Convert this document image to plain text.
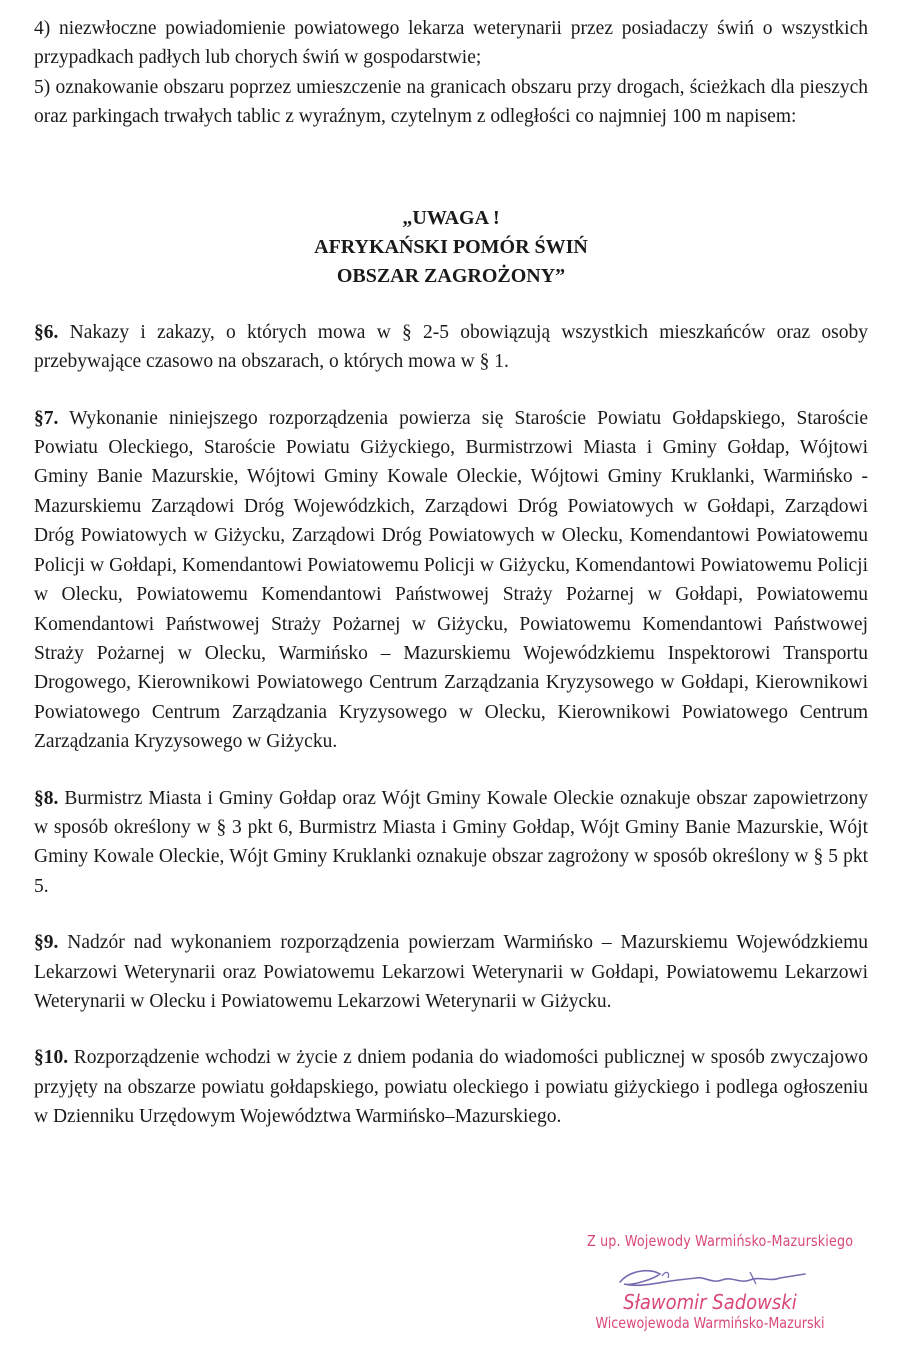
4) niezwłoczne powiadomienie powiatowego lekarza weterynarii przez posiadaczy świń o wszystkich przypadkach padłych lub chorych świń w gospodarstwie;

5) oznakowanie obszaru poprzez umieszczenie na granicach obszaru przy drogach, ścieżkach dla pieszych oraz parkingach trwałych tablic z wyraźnym, czytelnym z odległości co najmniej 100 m napisem:

„UWAGA !
AFRYKAŃSKI POMÓR ŚWIŃ
OBSZAR ZAGROŻONY”

§6. Nakazy i zakazy, o których mowa w § 2-5 obowiązują wszystkich mieszkańców oraz osoby przebywające czasowo na obszarach, o których mowa w § 1.

§7. Wykonanie niniejszego rozporządzenia powierza się Staroście Powiatu Gołdapskiego, Staroście Powiatu Oleckiego, Staroście Powiatu Giżyckiego, Burmistrzowi Miasta i Gminy Gołdap, Wójtowi Gminy Banie Mazurskie, Wójtowi Gminy Kowale Oleckie, Wójtowi Gminy Kruklanki, Warmińsko - Mazurskiemu Zarządowi Dróg Wojewódzkich, Zarządowi Dróg Powiatowych w Gołdapi, Zarządowi Dróg Powiatowych w Giżycku, Zarządowi Dróg Powiatowych w Olecku, Komendantowi Powiatowemu Policji w Gołdapi, Komendantowi Powiatowemu Policji w Giżycku, Komendantowi Powiatowemu Policji w Olecku, Powiatowemu Komendantowi Państwowej Straży Pożarnej w Gołdapi, Powiatowemu Komendantowi Państwowej Straży Pożarnej w Giżycku, Powiatowemu Komendantowi Państwowej Straży Pożarnej w Olecku, Warmińsko – Mazurskiemu Wojewódzkiemu Inspektorowi Transportu Drogowego, Kierownikowi Powiatowego Centrum Zarządzania Kryzysowego w Gołdapi, Kierownikowi Powiatowego Centrum Zarządzania Kryzysowego w Olecku, Kierownikowi Powiatowego Centrum Zarządzania Kryzysowego w Giżycku.

§8. Burmistrz Miasta i Gminy Gołdap oraz Wójt Gminy Kowale Oleckie oznakuje obszar zapowietrzony w sposób określony w § 3 pkt 6, Burmistrz Miasta i Gminy Gołdap, Wójt Gminy Banie Mazurskie, Wójt Gminy Kowale Oleckie, Wójt Gminy Kruklanki oznakuje obszar zagrożony w sposób określony w § 5 pkt 5.

§9. Nadzór nad wykonaniem rozporządzenia powierzam Warmińsko – Mazurskiemu Wojewódzkiemu Lekarzowi Weterynarii oraz Powiatowemu Lekarzowi Weterynarii w Gołdapi, Powiatowemu Lekarzowi Weterynarii w Olecku i Powiatowemu Lekarzowi Weterynarii w Giżycku.

§10. Rozporządzenie wchodzi w życie z dniem podania do wiadomości publicznej w sposób zwyczajowo przyjęty na obszarze powiatu gołdapskiego, powiatu oleckiego i powiatu giżyckiego i podlega ogłoszeniu w Dzienniku Urzędowym Województwa Warmińsko–Mazurskiego.

Z up. Wojewody Warmińsko-Mazurskiego
Sławomir Sadowski
Wicewojewoda Warmińsko-Mazurski
